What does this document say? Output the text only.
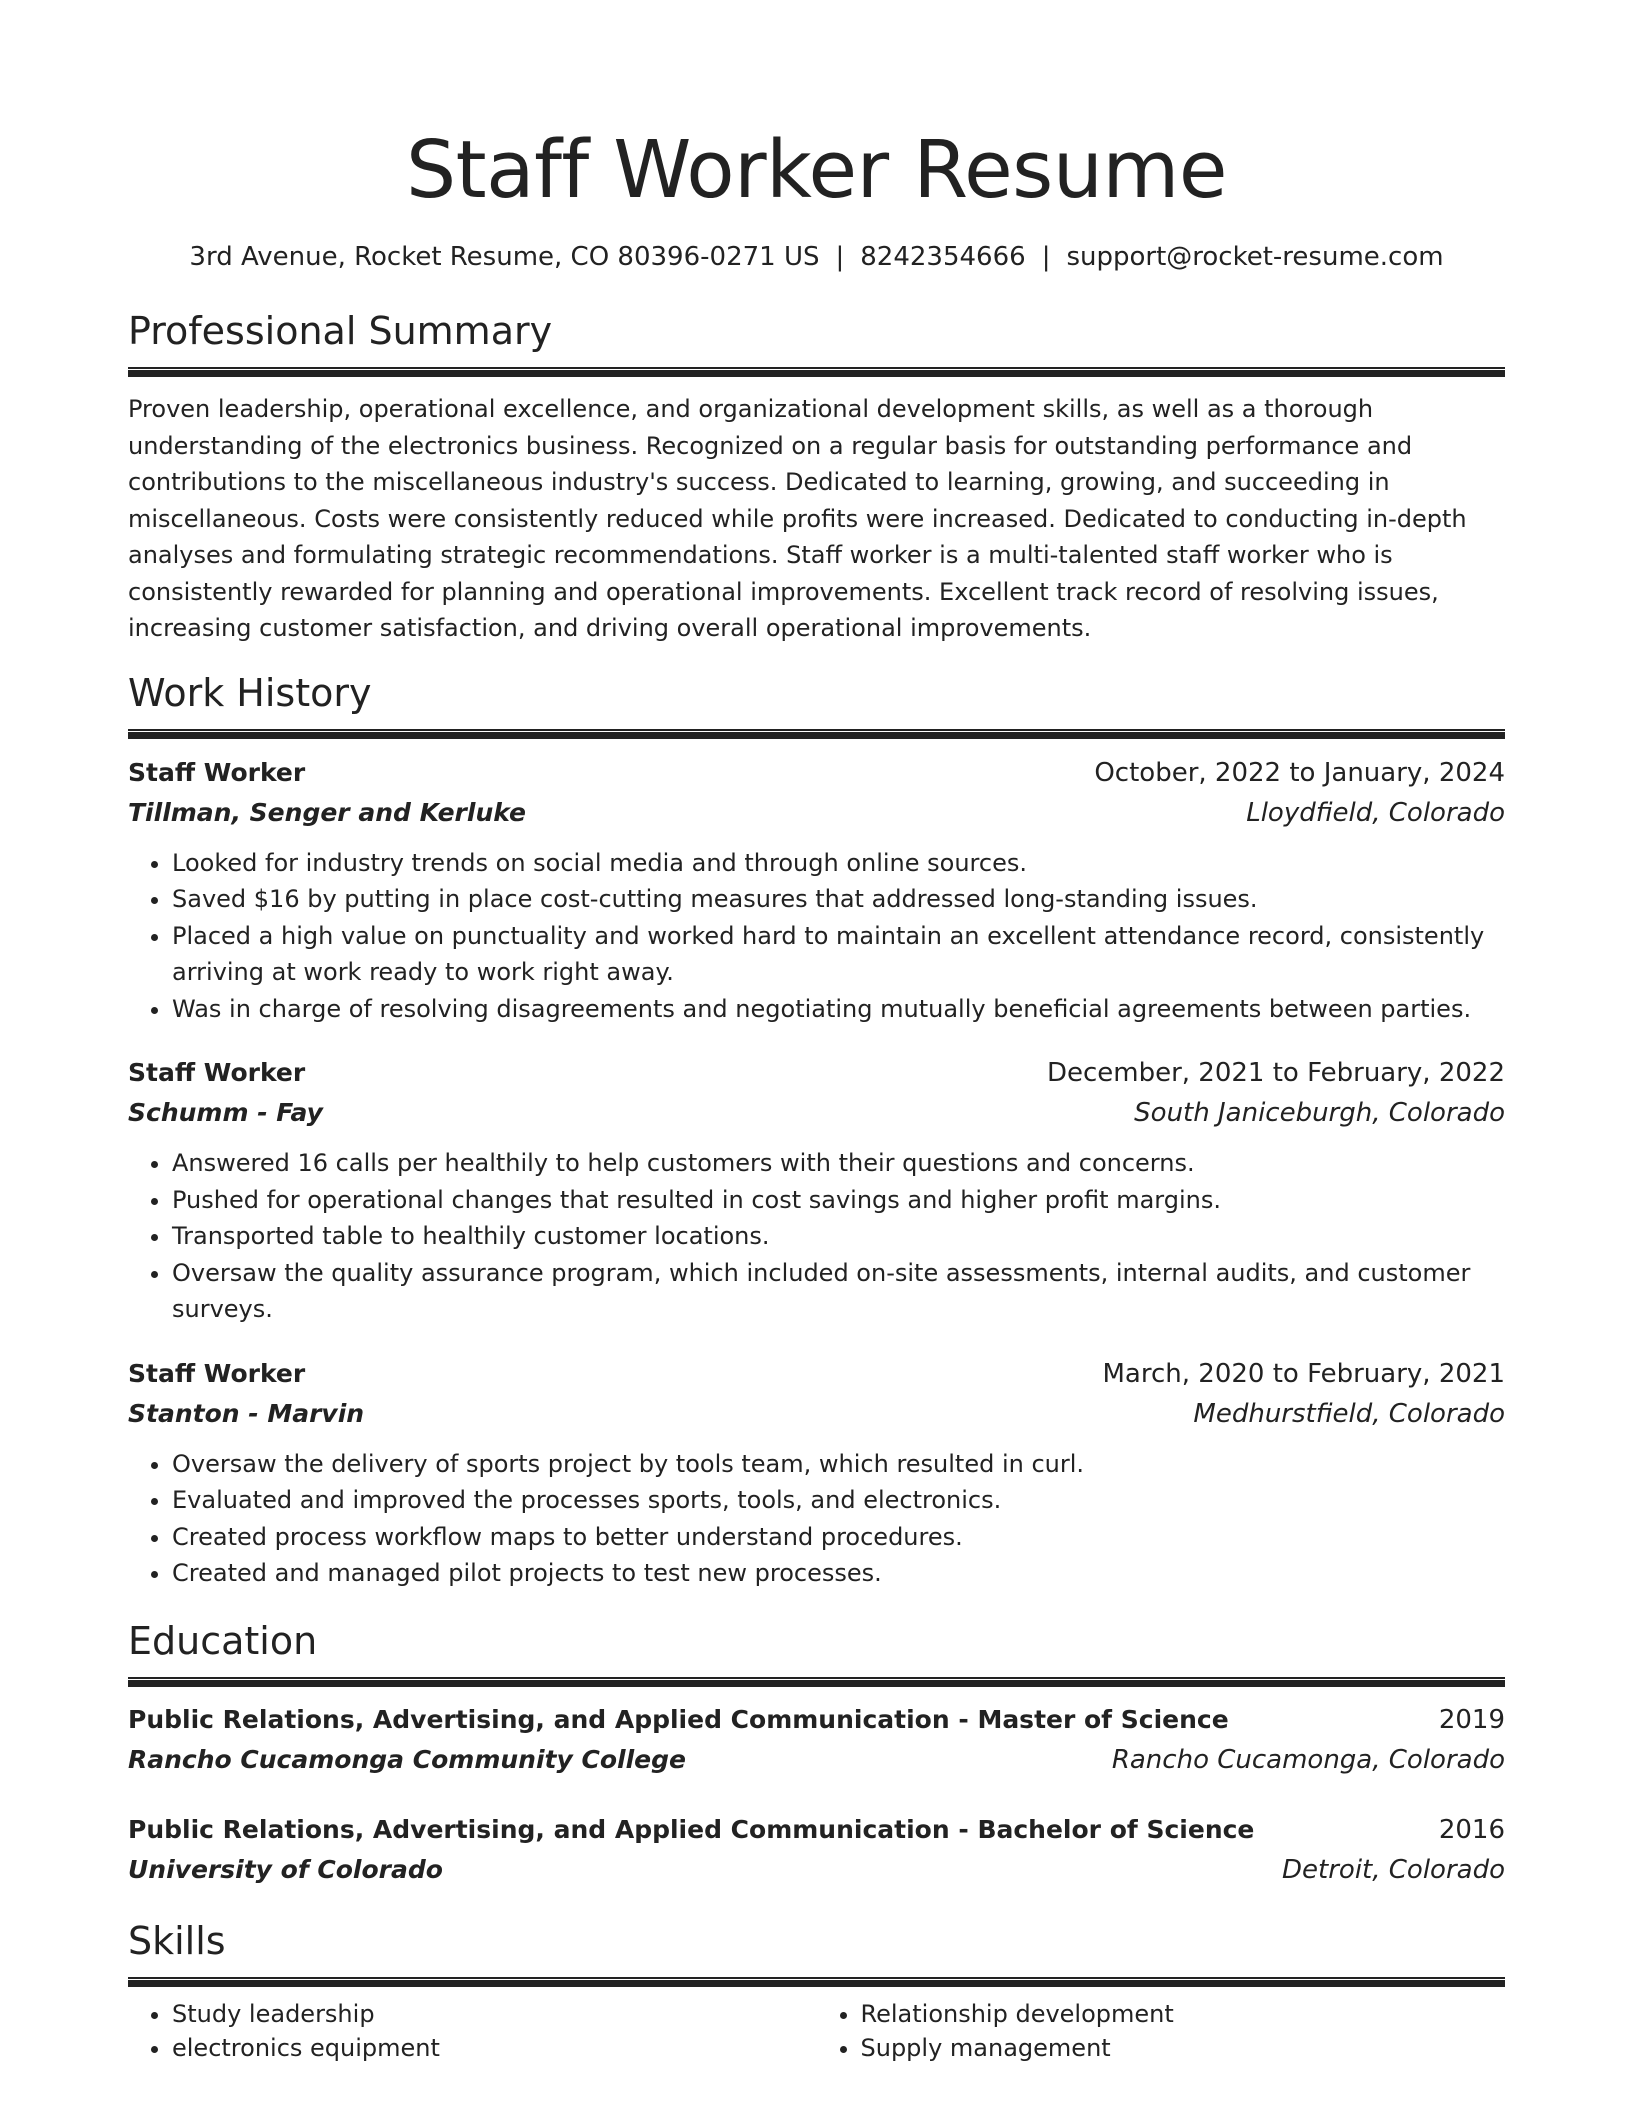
Staff Worker Resume
3rd Avenue, Rocket Resume, CO 80396-0271 US | 8242354666 | support@rocket-resume.com
Professional Summary
Proven leadership, operational excellence, and organizational development skills, as well as a thorough understanding of the electronics business. Recognized on a regular basis for outstanding performance and contributions to the miscellaneous industry's success. Dedicated to learning, growing, and succeeding in miscellaneous. Costs were consistently reduced while profits were increased. Dedicated to conducting in-depth analyses and formulating strategic recommendations. Staff worker is a multi-talented staff worker who is consistently rewarded for planning and operational improvements. Excellent track record of resolving issues, increasing customer satisfaction, and driving overall operational improvements.
Work History
Staff Worker	October, 2022 to January, 2024
Tillman, Senger and Kerluke	Lloydfield, Colorado
• Looked for industry trends on social media and through online sources.
• Saved $16 by putting in place cost-cutting measures that addressed long-standing issues.
• Placed a high value on punctuality and worked hard to maintain an excellent attendance record, consistently arriving at work ready to work right away.
• Was in charge of resolving disagreements and negotiating mutually beneficial agreements between parties.
Staff Worker	December, 2021 to February, 2022
Schumm - Fay	South Janiceburgh, Colorado
• Answered 16 calls per healthily to help customers with their questions and concerns.
• Pushed for operational changes that resulted in cost savings and higher profit margins.
• Transported table to healthily customer locations.
• Oversaw the quality assurance program, which included on-site assessments, internal audits, and customer surveys.
Staff Worker	March, 2020 to February, 2021
Stanton - Marvin	Medhurstfield, Colorado
• Oversaw the delivery of sports project by tools team, which resulted in curl.
• Evaluated and improved the processes sports, tools, and electronics.
• Created process workflow maps to better understand procedures.
• Created and managed pilot projects to test new processes.
Education
Public Relations, Advertising, and Applied Communication - Master of Science	2019
Rancho Cucamonga Community College	Rancho Cucamonga, Colorado
Public Relations, Advertising, and Applied Communication - Bachelor of Science	2016
University of Colorado	Detroit, Colorado
Skills
• Study leadership
• electronics equipment
• Relationship development
• Supply management
